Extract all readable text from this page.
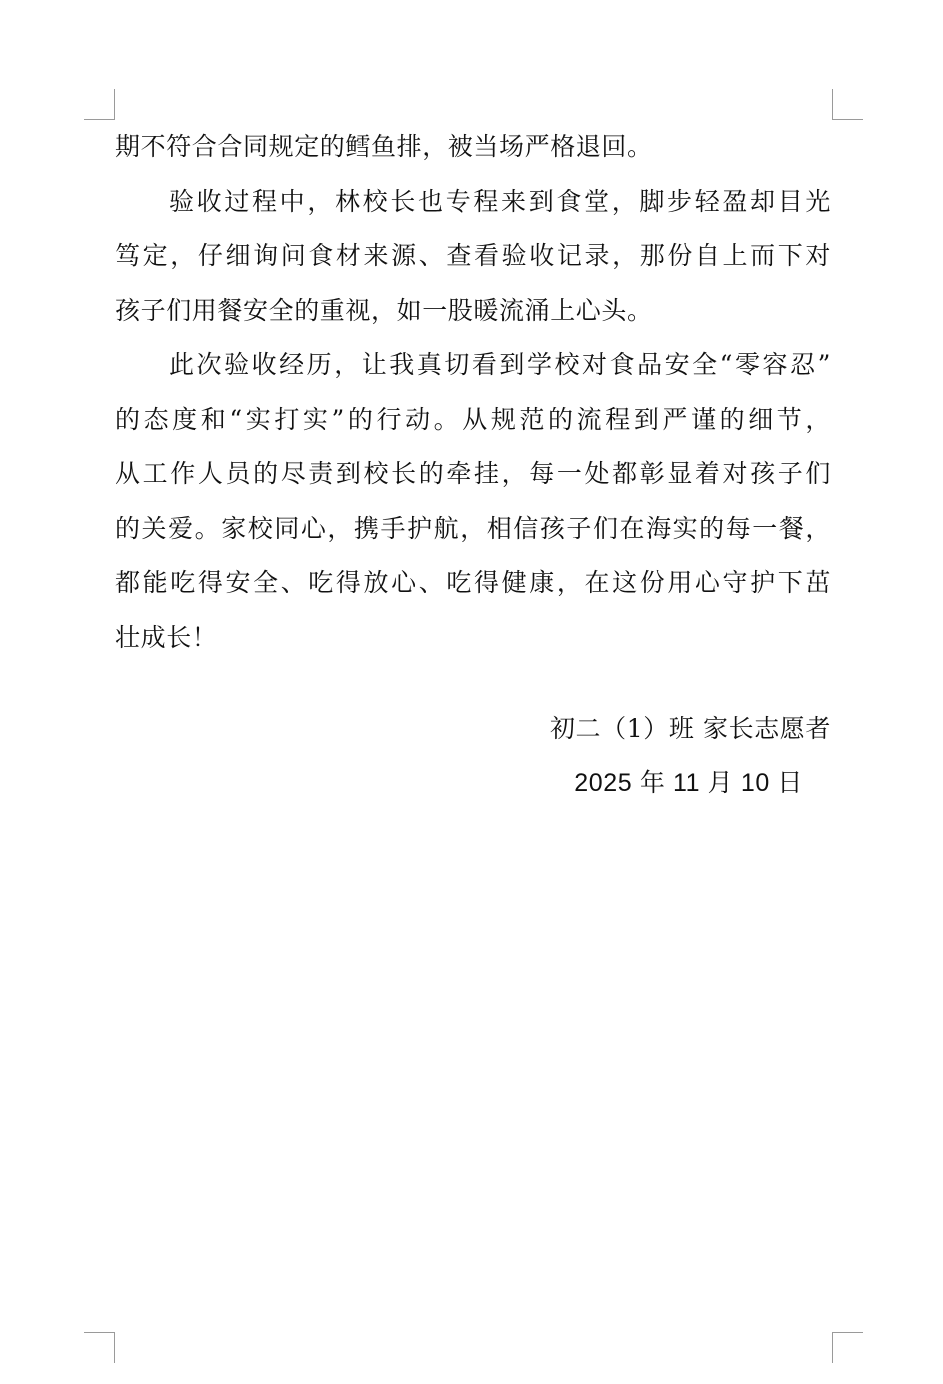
期不符合合同规定的鳕鱼排，被当场严格退回。
验收过程中，林校长也专程来到食堂，脚步轻盈却目光
笃定，仔细询问食材来源、查看验收记录，那份自上而下对
孩子们用餐安全的重视，如一股暖流涌上心头。
此次验收经历，让我真切看到学校对食品安全“零容忍”
的态度和“实打实”的行动。从规范的流程到严谨的细节，
从工作人员的尽责到校长的牵挂，每一处都彰显着对孩子们
的关爱。家校同心，携手护航，相信孩子们在海实的每一餐，
都能吃得安全、吃得放心、吃得健康，在这份用心守护下茁
壮成长！
初二（1）班 家长志愿者
2025 年 11 月 10 日
